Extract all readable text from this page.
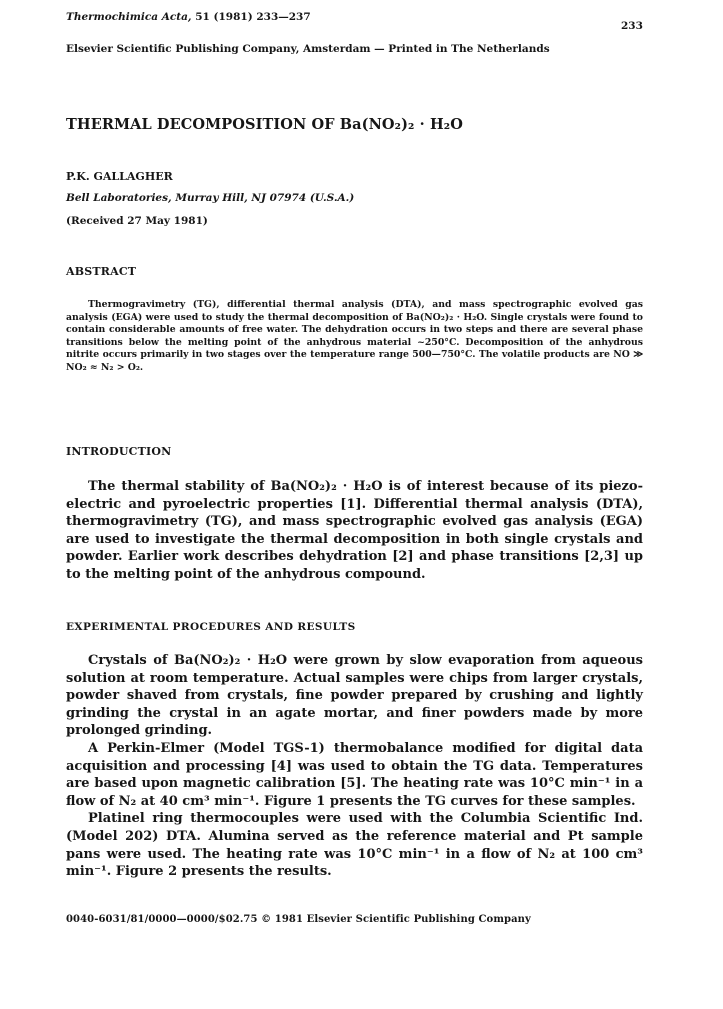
Thermochimica Acta, 51 (1981) 233—237
233
Elsevier Scientific Publishing Company, Amsterdam — Printed in The Netherlands
THERMAL DECOMPOSITION OF Ba(NO₂)₂ · H₂O
P.K. GALLAGHER
Bell Laboratories, Murray Hill, NJ 07974 (U.S.A.)
(Received 27 May 1981)
ABSTRACT
Thermogravimetry (TG), differential thermal analysis (DTA), and mass spectrographic evolved gas analysis (EGA) were used to study the thermal decomposition of Ba(NO₂)₂ · H₂O. Single crystals were found to contain considerable amounts of free water. The dehydration occurs in two steps and there are several phase transitions below the melting point of the anhydrous material ~250°C. Decomposition of the anhydrous nitrite occurs primarily in two stages over the temperature range 500—750°C. The volatile products are NO ≫ NO₂ ≈ N₂ > O₂.
INTRODUCTION

The thermal stability of Ba(NO₂)₂ · H₂O is of interest because of its piezo-electric and pyroelectric properties [1]. Differential thermal analysis (DTA), thermogravimetry (TG), and mass spectrographic evolved gas analysis (EGA) are used to investigate the thermal decomposition in both single crystals and powder. Earlier work describes dehydration [2] and phase transitions [2,3] up to the melting point of the anhydrous compound.

EXPERIMENTAL PROCEDURES AND RESULTS

Crystals of Ba(NO₂)₂ · H₂O were grown by slow evaporation from aqueous solution at room temperature. Actual samples were chips from larger crystals, powder shaved from crystals, fine powder prepared by crushing and lightly grinding the crystal in an agate mortar, and finer powders made by more prolonged grinding.

A Perkin-Elmer (Model TGS-1) thermobalance modified for digital data acquisition and processing [4] was used to obtain the TG data. Temperatures are based upon magnetic calibration [5]. The heating rate was 10°C min⁻¹ in a flow of N₂ at 40 cm³ min⁻¹. Figure 1 presents the TG curves for these samples.

Platinel ring thermocouples were used with the Columbia Scientific Ind. (Model 202) DTA. Alumina served as the reference material and Pt sample pans were used. The heating rate was 10°C min⁻¹ in a flow of N₂ at 100 cm³ min⁻¹. Figure 2 presents the results.

0040-6031/81/0000—0000/$02.75 © 1981 Elsevier Scientific Publishing Company
